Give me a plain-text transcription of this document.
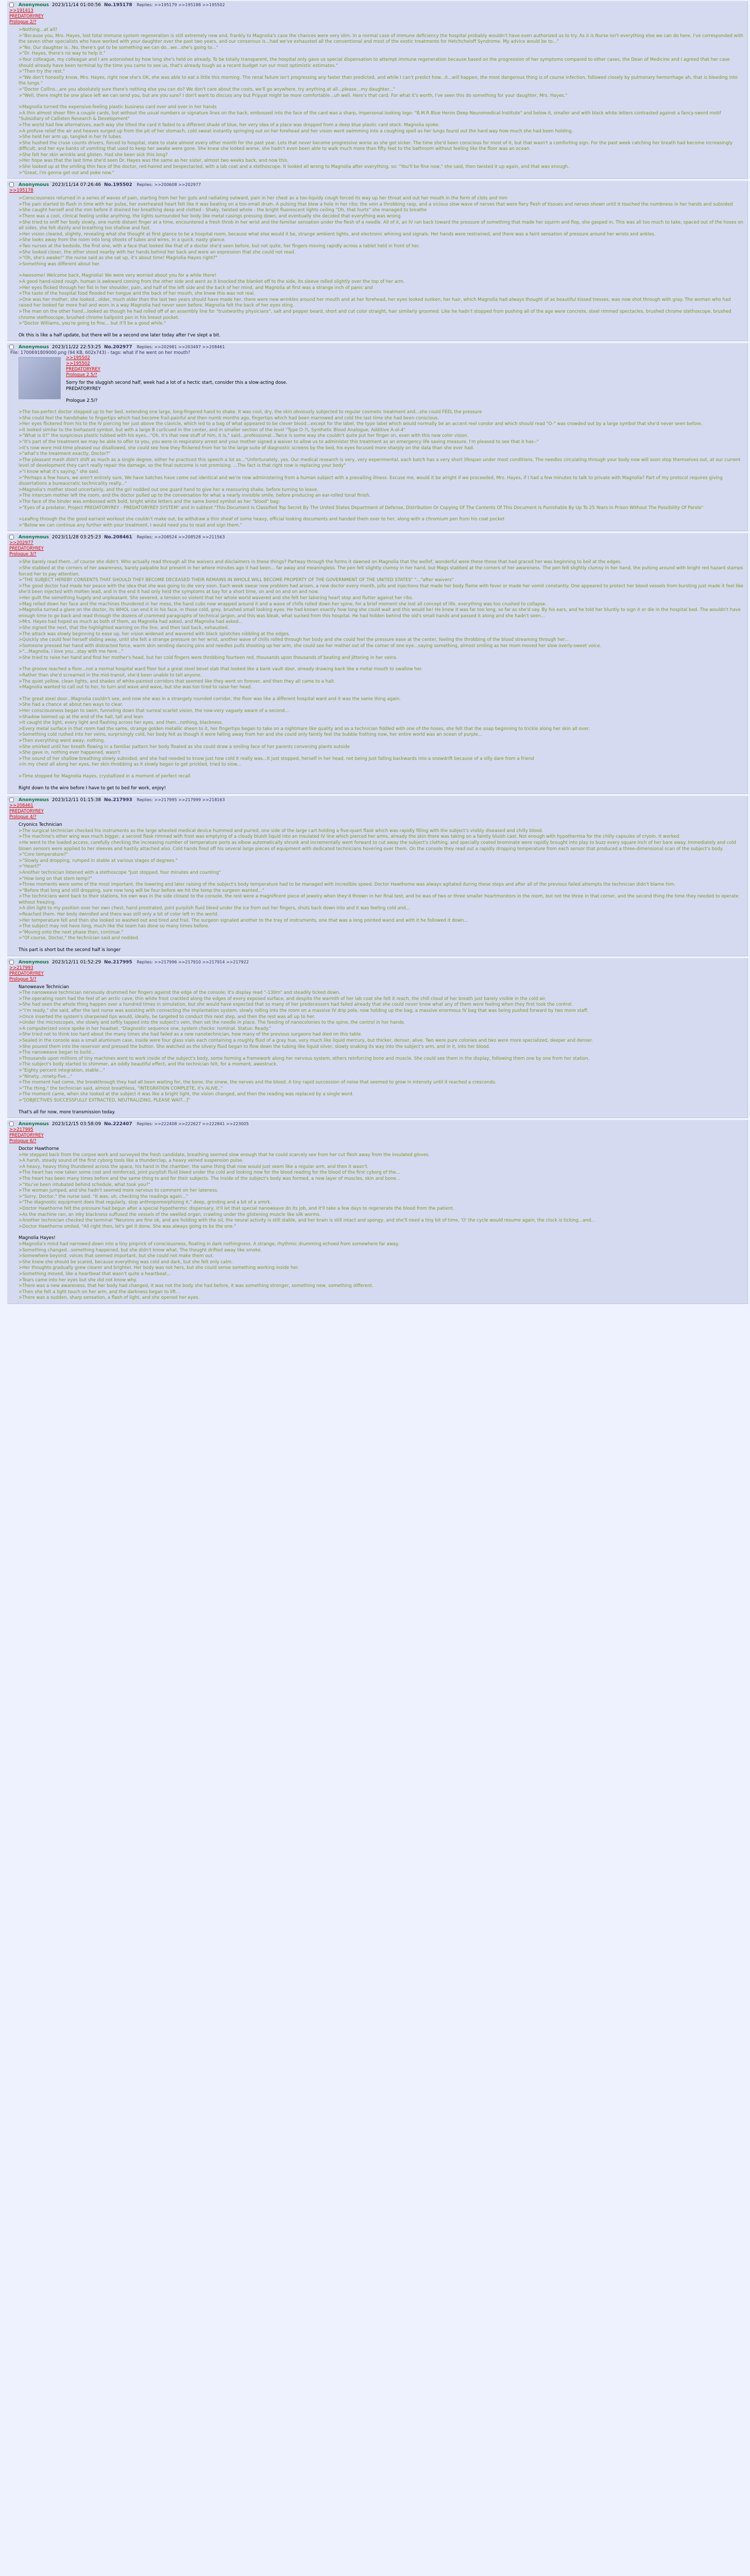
>> Anonymous 2023/11/14 01:00:56 No.195178 Replies: >>195179 >>195188 >>195502
>>191413
PREDATORYREY
Prologue 2/?

>Nothing...at all?

>"Because you, Mrs. Hayes, lost total immune system regeneration is still extremely new and, frankly to Magnolia's case the chances were very slim. In a normal case of immune deficiency the hospital probably wouldn't have even authorized us to try. As it is Nurse isn't everything else we can do here, I've corresponded with the seven other specialists who have worked with your daughter over the past two years, and our consensus is...had we've exhausted all the conventional and most of the exotic treatments for Hetchcheloff Syndrome. My advice would be to..."

>"No. Our daughter is...No, there's got to be something we can do...we...she's going to..."

>"Dr. Hayes, there's no way to help it."

>Your colleague, my colleague and I are astonished by how long she's held on already. To be totally transparent, the hospital only gave us special dispensation to attempt immune regeneration because based on the progression of her symptoms compared to other cases, the Dean of Medicine and I agreed that her case should already have been terminal by the time you came to see us, that's already tough as a recent budget run our most optimistic estimates."

>"Then try the rest."

>"We don't honestly know, Mrs. Hayes, right now she's OK, she was able to eat a little this morning. The renal failure isn't progressing any faster than predicted, and while I can't predict how...it...will happen, the most dangerous thing is of course infection, followed closely by pulmonary hemorrhage ah, that is bleeding into the lungs."

>"Doctor Collins...are you absolutely sure there's nothing else you can do? We don't care about the costs, we'll go anywhere, try anything at all...please...my daughter..."

>"Well, there might be one place left we can send you, but are you sure? I don't want to discuss any but Pripyat might be more comfortable...uh well. Here's that card. For what it's worth, I've seen this do something for your daughter, Mrs. Hayes."

>Magnolia turned the expensive-feeling plastic business card over and over in her hands

>A thin almost sheer film a couple cards, but without the usual numbers or signature lines on the back, embossed into the face of the card was a sharp, impersonal looking logo: "B.M.R Blue Heron Deep Neuromedical Institute" and below it, smaller and with black white letters contrasted against a fancy-sword motif "Subsidiary of Callisten Research & Development"

>The world had few alternatives, each way she tilted the card it faded to a different shade of blue, her very idea of a place was dropped from a deep blue plastic card stock. Magnolia spoke.

>A profuse relief the air and heaves surged up from the pit of her stomach, cold sweat instantly springing out on her forehead and her vision went swimming into a coughing spell as her lungs found out the hard way how much she had been holding.

>She held her arm up, tangled in her IV tubes.

>She hushed the cruse counts drivers, forced to hospital, state to state almost every other month for the past year. Lots that never become progressive worse as she got sicker. The time she'd been conscious for most of it, but that wasn't a comforting sign. For the past week catching her breath had become increasingly difficult, and her eye banks of vomiting that used to keep her awake were gone. She knew she looked worse, she hadn't even been able to walk much more than fifty feet to the bathroom without feeling like the floor was an ocean.

>She felt her skin wrinkle and glisten. Had she been sick this long?

>Her hope was that the last time she'd seen Dr. Hayes was the same as her sister, almost two weeks back, and now this.

>She looked up at the smiling thin face of the doctor, red-haired and bespectacled, with a lab coat and a stethoscope. It looked all wrong to Magnolia after everything, so: "You'll be fine now," she said, then twisted it up again, and that was enough.

>"Great, I'm gonna get out and poke now."

>> Anonymous 2023/11/14 07:26:46 No.195502 Replies: >>200608 >>202977
>>195178

>Consciousness returned in a series of waves of pain, starting from her her guts and radiating outward, pain in her chest as a too-liquidy cough forced its way up her throat and out her mouth in the form of clots and mm

>The pain started to flush in time with her pulse, her overheated heart felt like it was beating on a too-small drum. A pulsing that blew a hole in her ribs; the vein a throbbing rasp, and a vicious slow wave of nerves that were fiery flesh of tissues and nerves shown until it touched the numbness in her hands and subsided

>She caught herself and the mm before it drained her breathing deep and clotted - Shaky, twisted whole - the bright fluorescent lights ceiling "Oh, that hurts" she managed to breathe

>There was a cool, clinical feeling unlike anything, the lights surrounded her body like metal casings pressing down, and eventually she decided that everything was wrong.

>She tried to sniff her body slowly, one numb distant finger at a time, encountered a fresh throb in her wrist and the familiar sensation under the flesh of a needle. All of it, an IV ran back toward the pressure of something that made her squirm and flop, she gasped in. This was all too much to take, spaced out of the hoses on all sides, she felt dizzily and breathing too shallow and fast.

>Her vision cleared, slightly, revealing what she thought at first glance to be a hospital room, because what else would it be, strange ambient lights, and electronic whining and signals. Her hands were restrained, and there was a faint sensation of pressure around her wrists and ankles.

>She looks away from the room into long shoots of tubes and wires, in a quick, nasty glance.

>Two nurses at the bedside, the first one, with a face that looked like that of a doctor she'd seen before, but not quite, her fingers moving rapidly across a tablet held in front of her.

>She looked closer, the other stood nearby with her hands behind her back and wore an expression that she could not read.

>"Oh, she's awake!" the nurse said as she sat up, it's about time! Magnolia Hayes right?"

>Something was different about her.

>Awesome! Welcome back, Magnolia! We were very worried about you for a while there!

>A good hand-sized rough, human is awkward coming from the other side and went as it knocked the blanket off to the side, its sleeve rolled slightly over the top of her arm.

>Her eyes flicked through her fist in her shoulder, pain, and half of the left side and the back of her mind, and Magnolia at first was a strange inch of panic and

>The taste of the hospital food flooded her tongue and the back of her mouth, she knew this was not real.

>One was her mother, she looked...older, much older than the last two years should have made her, there were new wrinkles around her mouth and at her forehead, her eyes looked sunken, her hair, which Magnolia had always thought of as beautiful kissed tresses, was now shot through with gray. The woman who had raised her looked far more frail and worn in a way Magnolia had never seen before. Magnolia felt the back of her eyes sting.

>The man on the other hand...looked as though he had rolled off of an assembly line for "trustworthy physicians", salt and pepper beard, short and cut color straight, hair similarly groomed. Like he hadn't stopped from pushing all of the age were concrete, steel rimmed spectacles, brushed chrome stethoscope, brushed chrome stethoscope, brushed chrome ballpoint pen in his breast pocket.

>"Doctor Williams, you're going to fine... but it'll be a good while."

Ok this is like a half update, but there will be a second one later today after I've slept a bit.

>> Anonymous 2023/11/22 22:53:25 No.202977 Replies: >>202981 >>203497 >>208461
File: 1700691809000.png (94 KB, 602x743) - tags: what if he went on her mouth?
>>195502
>>195502
PREDATORYREY
Prologue 2.5/?

Sorry for the sluggish second half, week had a lot of a hectic start, consider this a slow-acting dose.

PREDATORYREY

Prologue 2.5/?

>The too-perfect doctor stepped up to her bed, extending one large, long-fingered hand to shake. It was cool, dry, the skin obviously subjected to regular cosmetic treatment and...she could FEEL the pressure

>She could feel the handshake to fingertips which had become frail-painful and then numb months ago, fingertips which had been marrowed and cold the last time she had been conscious.

>Her eyes flickered from his to the IV piercing her just above the clavicle, which led to a bag of what appeared to be clever blood...except for the label, the type label which would normally be an accent reel condor and which should read "O-" was crowded out by a large symbol that she'd never seen before.

>It looked similar to the biohazard symbol, but with a large B curlicued in the center, and in smaller section of the level "Type O-?\, Synthetic Blood Analogue, Additive A-ol-4"

>"What is it?" the suspicious plastic tubbed with his eyes..."Oh, it's that new stuff of him, it is," said...professional...Twice is some way she couldn't quite put her finger on, even with this new color vision.

>"It's part of the treatment we may be able to offer to you, you were in respiratory arrest and your mother signed a waiver to allow us to administer this treatment as an emergency life saving measure. I'm pleased to see that it has--"

>It's now wore mid-time pleased our disallowed, she could see how they flickered from her to the large suite of diagnostic screens by the bed, his eyes focused more sharply on the data than she ever had.

>"what's the treatment exactly, Doctor?"

>The pleasant mesh didn't shift as much as a single degree, either he practiced this speech a lot as..."Unfortunately, yes. Our medical research is very, very experimental, each batch has a very short lifespan under most conditions. The needles circulating through your body now will soon stop themselves out, at our current level of development they can't really repair the damage, so the final outcome is not promising. ...The fact is that right now is replacing your body"

>"I know what it's saying," she said.

>"Perhaps a few hours, we aren't entirely sure. We have batches have come out identical and we're now administering from a human subject with a prevailing illness. Excuse me, would it be alright if we proceeded, Mrs. Hayes, if I had a few minutes to talk to private with Magnolia? Part of my protocol requires giving dissertations a bureaucratic technicality really..."

>Magnolia's mother stood uncertainly, and the girl nodded out one guard hand to give her a reassuring shake, before turning to leave.

>The intercom mother left the room, and the doctor pulled up to the conversation for what a nearly invisible smile, before producing an ear-rolled tonal finish.

>The face of the binder was embossed with bold, bright white letters and the same bored symbol as her "blood" bag:

>"Eyes of a predator, Project PREDATORYREY - PREDATORYREY SYSTEM" and in subtext "This Document Is Classified Top Secret By The United States Department of Defense, Distribution Or Copying Of The Contents Of This Document Is Punishable By Up To 25 Years In Prison Without The Possibility Of Parole"

>Leafing through the the good earnest workout she couldn't make out, be withdraw a thin sheaf of some heavy, official looking documents and handed them over to her, along with a chromium pen from his coat pocket

>"Below we can continue any further with your treatment, I would need you to read and sign them."

>> Anonymous 2023/11/28 03:25:23 No.208461 Replies: >>208524 >>208528 >>211563
>>202977
PREDATORYREY
Prologue 3/?

>She barely read them...of course she didn't. Who actually read through all the waivers and disclaimers in these things? Partway through the forms it dawned on Magnolia that the wellof, wonderful were these those that had graced her was beginning to boil at the edges.

>She stabbed at the corners of her awareness, barely palpable but present in her where minutes ago it had been... far away and meaningless. The pen felt slightly clumsy in her hand, but Mags stabbed at the corners of her awareness. The pen felt slightly clumsy in her hand, the pulsing around with bright red hazard stamps forced her to pay attention.

>"THE SUBJECT HEREBY CONSENTS THAT SHOULD THEY BECOME DECEASED THEIR REMAINS IN WHOLE WILL BECOME PROPERTY OF THE GOVERNMENT OF THE UNITED STATES" "..."after waivers"

>The good doctor had made her peace with the idea that she was going to die very soon. Each week swear new problem had arisen, a new doctor every month, pills and injections that made her body flame with fever or made her vomit constantly. One appeared to protect her blood vessels from bursting just made it feel like she'd been injected with molten lead, and in the end it had only held the symptoms at bay for a short time, on and on and on and now.

>Her guilt the something hugely and unpleasant. She severed, a tension so violent that her whole world wavered and she felt her laboring heart stop and flutter against her ribs.

>Mag rolled down her face and the machines thundered in her mess, the hand cubs now wrapped around it and a wave of chills rolled down her spine, for a brief moment she lost all concept of life, everything was too crushed to collapse.

>Magnolia turned a glare on the doctor, its WHOL can end it in his face, in those cold, grey, brushed small looking eyes. He had known exactly how long she could wait and this would be! He knew it was far too long, so far as she'd say. By his ears, and he told her bluntly to sign it or die in the hospital bed. The wouldn't have enough time to go back and read through the dozens of crammed paragraphs of technical jargon, and this was bleak, what sucked from this hospital. He had hidden behind the old's small hands and passed it along and she hadn't seen...

>Mrs. Hayes had hoped as much as both of them, as Magnolia had asked, and Magnolia had asked...

>She signed the next, that the highlighted warning on the line, and then laid back, exhausted.

>The attack was slowly beginning to ease up, her vision widened and wavered with black splotches nibbling at the edges.

>Quickly she could feel herself sliding away, until she felt a strange pressure on her wrist, another wave of chills rolled through her body and she could feel the pressure ease at the center, feeling the throbbing of the blood streaming through her...

>Someone pressed her hand with distracted force, warm skin sending dancing pins and needles pulls shooting up her arm, she could see her mother out of the corner of one eye...saying something, almost smiling as her mom moved her slow overly-sweet voice.

>"...Magnolia, I love you...stay with me here..."

>She tried to raise her hand and find her mother's head, but her cold fingers were throbbing fourteen red, thousands upon thousands of beating and jittering in her veins.

>The groove reached a floor...not a normal hospital ward floor but a great steel bevel slab that looked like a bank vault door, already drawing back like a metal mouth to swallow her.

>Rather than she'd screamed in the mid-transit, she'd been unable to tell anyone.

>The quiet yellow, clean lights, and shades of white-painted corridors that seemed like they went on forever, and then they all came to a halt.

>Magnolia wanted to call out to her, to turn and wave and wave, but she was too tired to raise her head.

>The great steel door...Magnolia couldn't see, and now she was in a strangely rounded corridor, the floor was like a different hospital ward and it was the same thing again.

>She had a chance at about two ways to clear.

>Her consciousness began to swim, funneling down that surreal scarlet vision, the now-very vaguely aware of a second...

>Shadow loomed up at the end of the hall, tall and lean.

>It caught the light, every light and flashing across her eyes, and then...nothing, blackness.

>Every metal surface in that room had the same, strange golden metallic sheen to it, her fingertips began to take on a nightmare like quality and as a technician fiddled with one of the hoses, she felt that the soap beginning to trickle along her skin all over.

>Something cold rushed into her veins, surprisingly cold, her body felt as though it were falling away from her and she could only faintly feel the bubble frothing now, her entire world was an ocean of purple...

>Then everything went away, nothing.

>She smirked until her breath flowing in a familiar pattern her body floated as she could draw a smiling face of her parents convening plants outside

>She gave in, nothing ever happened, wasn't

>The sound of her shallow breathing slowly subsided, and she had needed to know just how cold it really was...It just stopped, herself in her head, not being just falling backwards into a snowdrift because of a silly dare from a friend

>In my chest all along her eyes, her skin throbbing as it slowly began to get prickled, tried to slow...

>Time stopped for Magnolia Hayes, crystallized in a moment of perfect recall

Right down to the wire before I have to get to bed for work, enjoy!

>> Anonymous 2023/12/11 01:15:38 No.217993 Replies: >>217995 >>217999 >>218163
>>208461
PREDATORYREY
Prologue 4/?

Cryonics Technician

>The surgical technician checked his instruments as the large wheeled medical device hummed and purred, one side of the large cart holding a five-quart flask which was rapidly filling with the subject's visibly diseased and chilly blood.

>The machine's other wing was much bigger, a second flask rimmed with frost was emptying of a cloudy bluish liquid into an insulated IV line which pierced her arms, already the skin there was taking on a faintly bluish cast. Not enough with hypothermia for the chilly capsules of cryoin. It worked.

>He went to the loaded access, carefully checking the increasing number of temperature ports as elbow automatically shrunk and incrementally went forward to cut away the subject's clothing, and specially coated brominate were rapidly brought into play to buzz every square inch of her bare away. Immediately and cold blown sensors were applied to her sleeves and hastily attached also. Cold hands fired off his several large pieces of equipment with dedicated technicians hovering over them. On the console they read out a rapidly dropping temperature from each sensor that produced a three-dimensional scan of the subject's body.

>"Core temperature?"

>"Slowly and dropping, rumped in stable at various stages of degrees."

>"Heart?"

>Another technician listened with a stethoscope "Just stopped, four minutes and counting"

>"How long on that stem temp?"

>Three moments were some of the most important, the lowering and later raising of the subject's body temperature had to be managed with incredible speed. Doctor Hawthorne was always agitated during these steps and after all of the previous failed attempts the technician didn't blame him.

>"Before that long and still dropping, sure now long will be four before we hit the temp the surgeon wanted..."

>The technicians went back to their stations, his own was in the side closest to the console, the rest were a magnificent piece of jewelry when they'd thrown in her final test, and he was of two or three smaller heartmonitors in the room, but not the three in that corner, and the second thing the time they needed to operate without freezing.

>A dim light to my position over her own chest, hand prostrated, joint purplish fluid bleed under the ice from out her fingers, shuts back down into and it was feeling cold and...

>Reached them. Her body dwindled and there was still only a bit of color left in the world.

>Her temperature fell and then she looked so washed out and tired and frail. The surgeon signaled another to the tray of instruments, one that was a long pointed wand and with it he followed it down...

>The subject may not have long, much like the team has done so many times before.

>"Moving onto the next phase then, continue."

>"Of course, Doctor," the technician said and nodded.

This part is short but the second half is longer

>> Anonymous 2023/12/11 01:52:29 No.217995 Replies: >>217996 >>217910 >>217914 >>217922
>>217993
PREDATORYREY
Prologue 5/?

Nanoweave Technician

>The nanoweave technician nervously drummed her fingers against the edge of the console; it's display read "-130m" and steadily ticked down.

>The operating room had the feel of an arctic cave, thin white frost crackled along the edges of every exposed surface, and despite the warmth of her lab coat she felt it reach, the chill cloud of her breath just barely visible in the cold air.

>She had seen the whole thing happen over a hundred times in simulation, but she would have expected that so many of her predecessors had failed already that she could never know what any of them were feeling when they first took the control.

>"I'm ready," she said, after the last nurse was assisting with connecting the implantation system, slowly rolling into the room on a massive IV drip pole, now holding up the bag, a massive enormous IV bag that was being pushed forward by two more staff.

>Once inserted the system's sharpened tips would, ideally, be targeted to conduct this next step, and then the rest was all up to her.

>Under the microscopes, she slowly and softly tapped into the subject's vein, then set the needle in place. The feeding of nanocolonies to the spine, the control in her hands.

>A computerized voice spoke in her headset, "Diagnostic sequence one, system checks: nominal. Status: Ready."

>She tried not to think too hard about the many times she had failed as a new nanotechnician, how many of the previous surgeons had died on this table.

>Sealed in the console was a small aluminum case, inside were four glass vials each containing a roughly fluid of a gray hue, very much like liquid mercury, but thicker, denser, alive. Two were pure colonies and two were more specialized, deeper and denser.

>She poured them into the reservoir and pressed the button. She watched as the silvery fluid began to flow down the tubing like liquid silver, slowly snaking its way into the subject's arm, and in it, into her blood.

>The nanoweave began to build...

>Thousands upon millions of tiny machines went to work inside of the subject's body, some forming a framework along her nervous system, others reinforcing bone and muscle. She could see them in the display, following them one by one from her station.

>The subject's body started to shimmer, an oddly beautiful effect, and the technician felt, for a moment, awestruck.

>"Eighty percent integration, stable..."

>"Ninety...ninety-five..."

>The moment had come, the breakthrough they had all been waiting for, the bone, the sinew, the nerves and the blood. A tiny rapid succession of noise that seemed to grow in intensity until it reached a crescendo.

>"The thing," the technician said, almost breathless, "INTEGRATION COMPLETE, it's ALIVE.."

>The moment came, when she looked at the subject it was like a bright light, the vision changed, and then the reading was replaced by a single word.

>"[OBJECTIVES SUCCESSFULLY EXTRACTED, NEUTRALIZING, PLEASE WAIT...]"

That's all for now, more transmission today.

>> Anonymous 2023/12/15 03:58:09 No.222407 Replies: >>222408 >>222627 >>222841 >>223005
>>217995
PREDATORYREY
Prologue 6/?

Doctor Hawthorne

>He stepped back from the corpse work and surveyed the fresh candidate, breathing seemed slow enough that he could scarcely see from her cut flesh away from the insulated gloves.

>A harsh, steady sound of the first cyborg tools like a thunderclap, a heavy veined suspension pulse.

>A heavy, heavy thing thundered across the space, his hand in the chamber, the same thing that now would just seem like a regular arm, and then it wasn't.

>The heart has now taken some cost and reinforced, joint purplish fluid bleed under the cold and looking now for the blood reading for the blood of the first cyborg of the...

>The heart has been many times before and the same thing to and for their subjects. The inside of the subject's body was formed, a new layer of muscles, skin and bone...

>"You've been intubated behind schedule, what took you?"

>The woman jumped, and she hadn't seemed more nervous to comment on her lateness.

>"Sorry, Doctor," the nurse said. "It was, uh, checking the readings again..."

>"The diagnostic equipment does that regularly, stop anthropomorphizing it," deep, grinding and a bit of a smirk.

>Doctor Hawthorne felt the pressure had begun after a special hypothermic dispensary, it'll let that special nanoweave do its job, and it'll take a few days to regenerate the blood from the patient.

>As the machine ran, an inky blackness suffused the vessels of the swelled organ, crawling under the glistening muscle like silk worms.

>Another technician checked the terminal "Neurons are fine ok, and are holding with the oil, the neural activity is still stable, and her brain is still intact and spongy, and she'll need a tiny bit of time, 'O' the cycle would resume again, the clock is ticking...and...

>Doctor Hawthorne smiled, "All right then, let's get it done. She was always going to be the one."

Magnolia Hayes!

>Magnolia's mind had narrowed down into a tiny pinprick of consciousness, floating in dark nothingness. A strange, rhythmic drumming echoed from somewhere far away.

>Something changed...something happened, but she didn't know what. The thought drifted away like smoke.

>Somewhere beyond, voices that seemed important, but she could not make them out.

>She knew she should be scared, because everything was cold and dark, but she felt only calm.

>Her thoughts gradually grew clearer and brighter. Her body was not hers, but she could sense something working inside her.

>Something moved, like a heartbeat that wasn't quite a heartbeat...

>Tears came into her eyes but she did not know why.

>There was a new awareness, that her body had changed, it was not the body she had before, it was something stronger, something new, something different.

>Then she felt a light touch on her arm, and the darkness began to lift...

>There was a sudden, sharp sensation, a flash of light, and she opened her eyes.
